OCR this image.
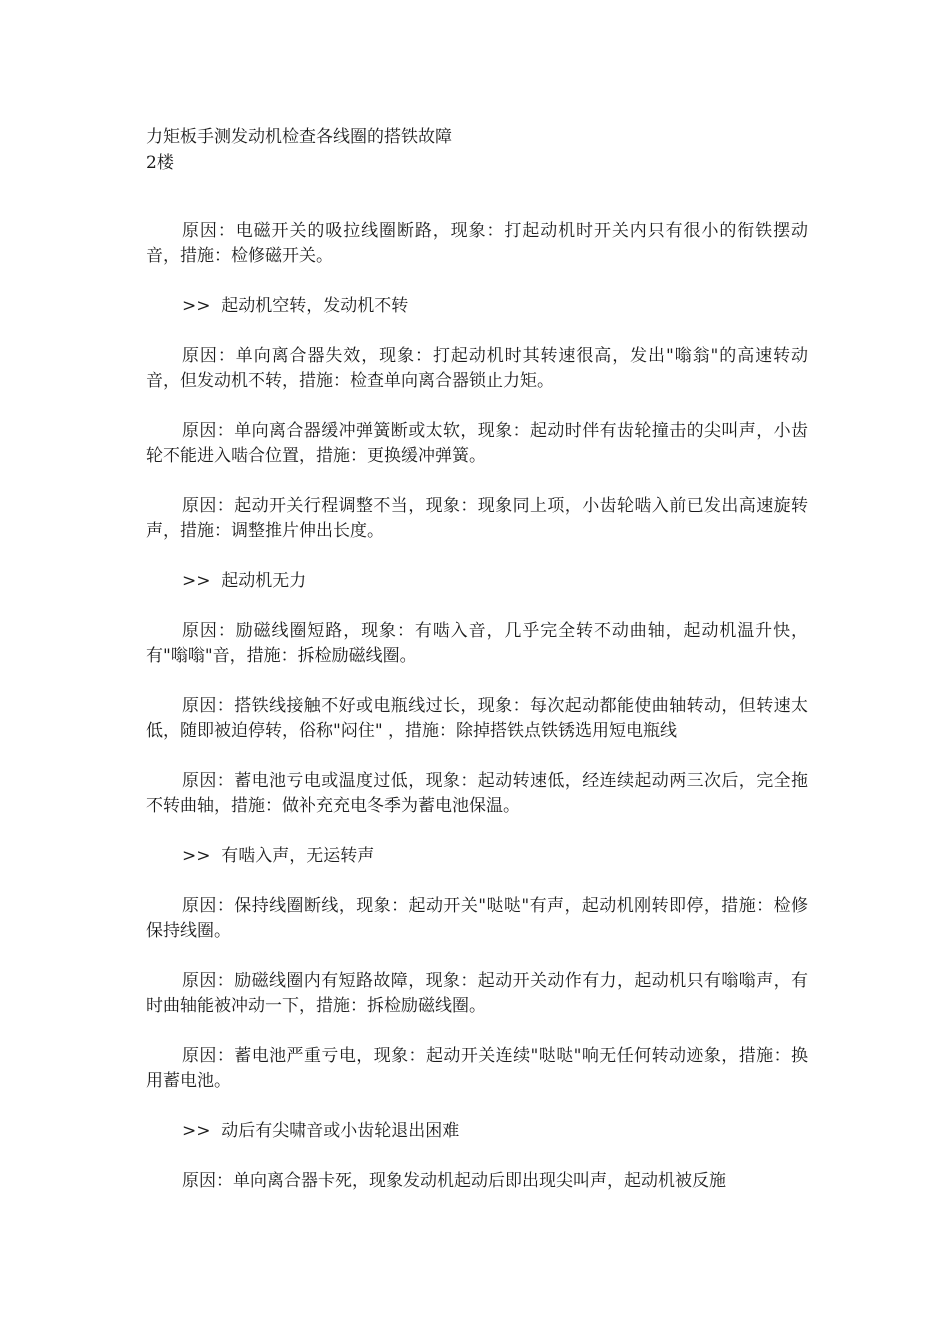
力矩板手测发动机检查各线圈的搭铁故障
2楼

原因：电磁开关的吸拉线圈断路，现象：打起动机时开关内只有很小的衔铁摆动音，措施：检修磁开关。

>>  起动机空转，发动机不转

原因：单向离合器失效，现象：打起动机时其转速很高，发出"嗡翁"的高速转动音，但发动机不转，措施：检查单向离合器锁止力矩。

原因：单向离合器缓冲弹簧断或太软，现象：起动时伴有齿轮撞击的尖叫声，小齿轮不能进入啮合位置，措施：更换缓冲弹簧。

原因：起动开关行程调整不当，现象：现象同上项，小齿轮啮入前已发出高速旋转声，措施：调整推片伸出长度。

>>  起动机无力

原因：励磁线圈短路，现象：有啮入音，几乎完全转不动曲轴，起动机温升快，有"嗡嗡"音，措施：拆检励磁线圈。

原因：搭铁线接触不好或电瓶线过长，现象：每次起动都能使曲轴转动，但转速太低，随即被迫停转，俗称"闷住" ，措施：除掉搭铁点铁锈选用短电瓶线

原因：蓄电池亏电或温度过低，现象：起动转速低，经连续起动两三次后，完全拖不转曲轴，措施：做补充充电冬季为蓄电池保温。

>>  有啮入声，无运转声

原因：保持线圈断线，现象：起动开关"哒哒"有声，起动机刚转即停，措施：检修保持线圈。

原因：励磁线圈内有短路故障，现象：起动开关动作有力，起动机只有嗡嗡声，有时曲轴能被冲动一下，措施：拆检励磁线圈。

原因：蓄电池严重亏电，现象：起动开关连续"哒哒"响无任何转动迹象，措施：换用蓄电池。

>>  动后有尖啸音或小齿轮退出困难

原因：单向离合器卡死，现象发动机起动后即出现尖叫声，起动机被反施
